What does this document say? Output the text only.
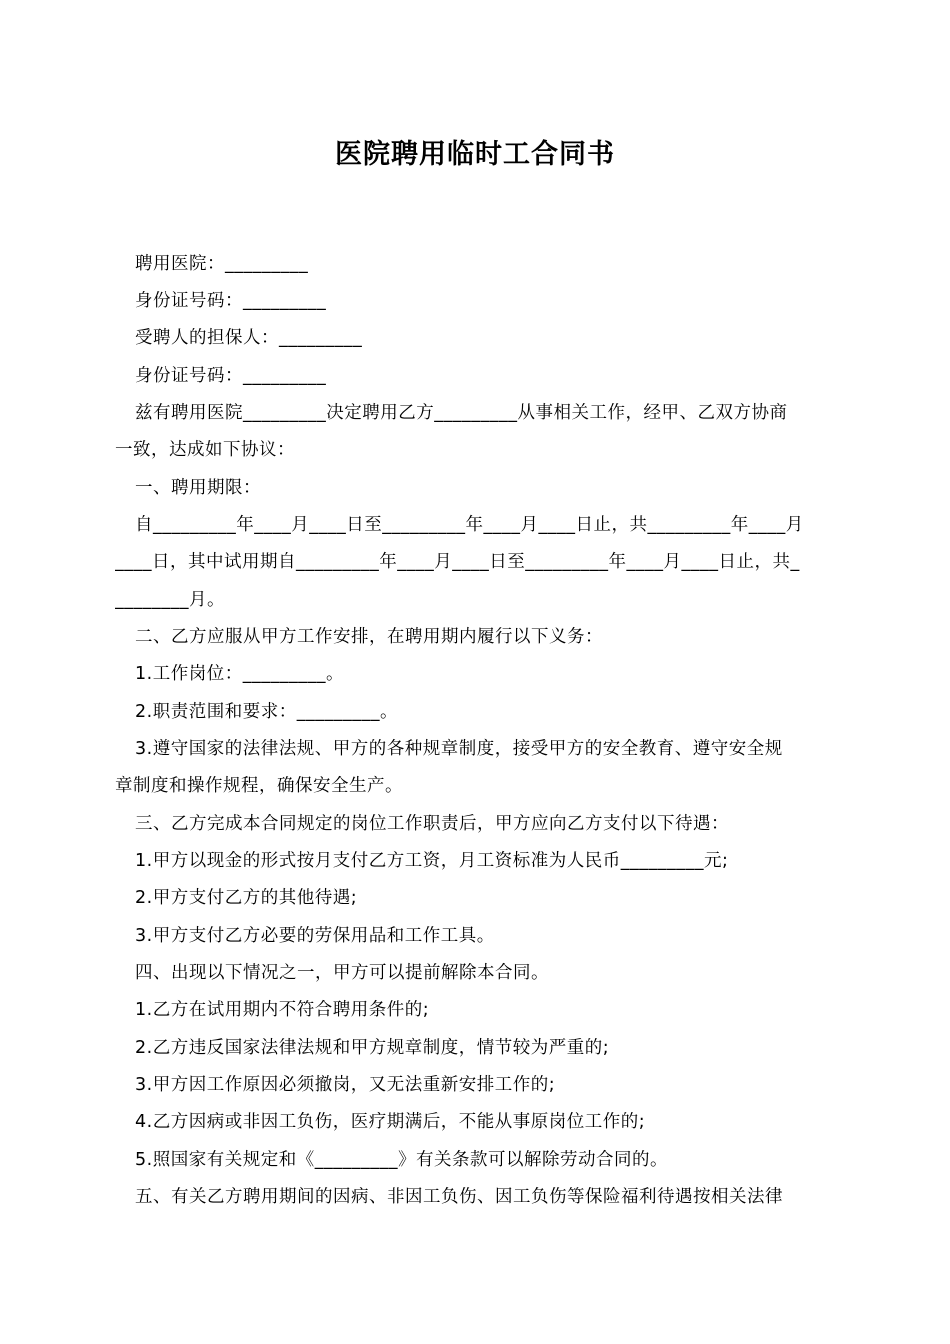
医院聘用临时工合同书
聘用医院：_________
身份证号码：_________
受聘人的担保人：_________
身份证号码：_________
兹有聘用医院_________决定聘用乙方_________从事相关工作，经甲、乙双方协商
一致，达成如下协议：
一、聘用期限：
自_________年____月____日至_________年____月____日止，共_________年____月
____日，其中试用期自_________年____月____日至_________年____月____日止，共_
________月。
二、乙方应服从甲方工作安排，在聘用期内履行以下义务：
1.工作岗位：_________。
2.职责范围和要求：_________。
3.遵守国家的法律法规、甲方的各种规章制度，接受甲方的安全教育、遵守安全规
章制度和操作规程，确保安全生产。
三、乙方完成本合同规定的岗位工作职责后，甲方应向乙方支付以下待遇：
1.甲方以现金的形式按月支付乙方工资，月工资标准为人民币_________元;
2.甲方支付乙方的其他待遇;
3.甲方支付乙方必要的劳保用品和工作工具。
四、出现以下情况之一，甲方可以提前解除本合同。
1.乙方在试用期内不符合聘用条件的;
2.乙方违反国家法律法规和甲方规章制度，情节较为严重的;
3.甲方因工作原因必须撤岗，又无法重新安排工作的;
4.乙方因病或非因工负伤，医疗期满后，不能从事原岗位工作的;
5.照国家有关规定和《_________》有关条款可以解除劳动合同的。
五、有关乙方聘用期间的因病、非因工负伤、因工负伤等保险福利待遇按相关法律
